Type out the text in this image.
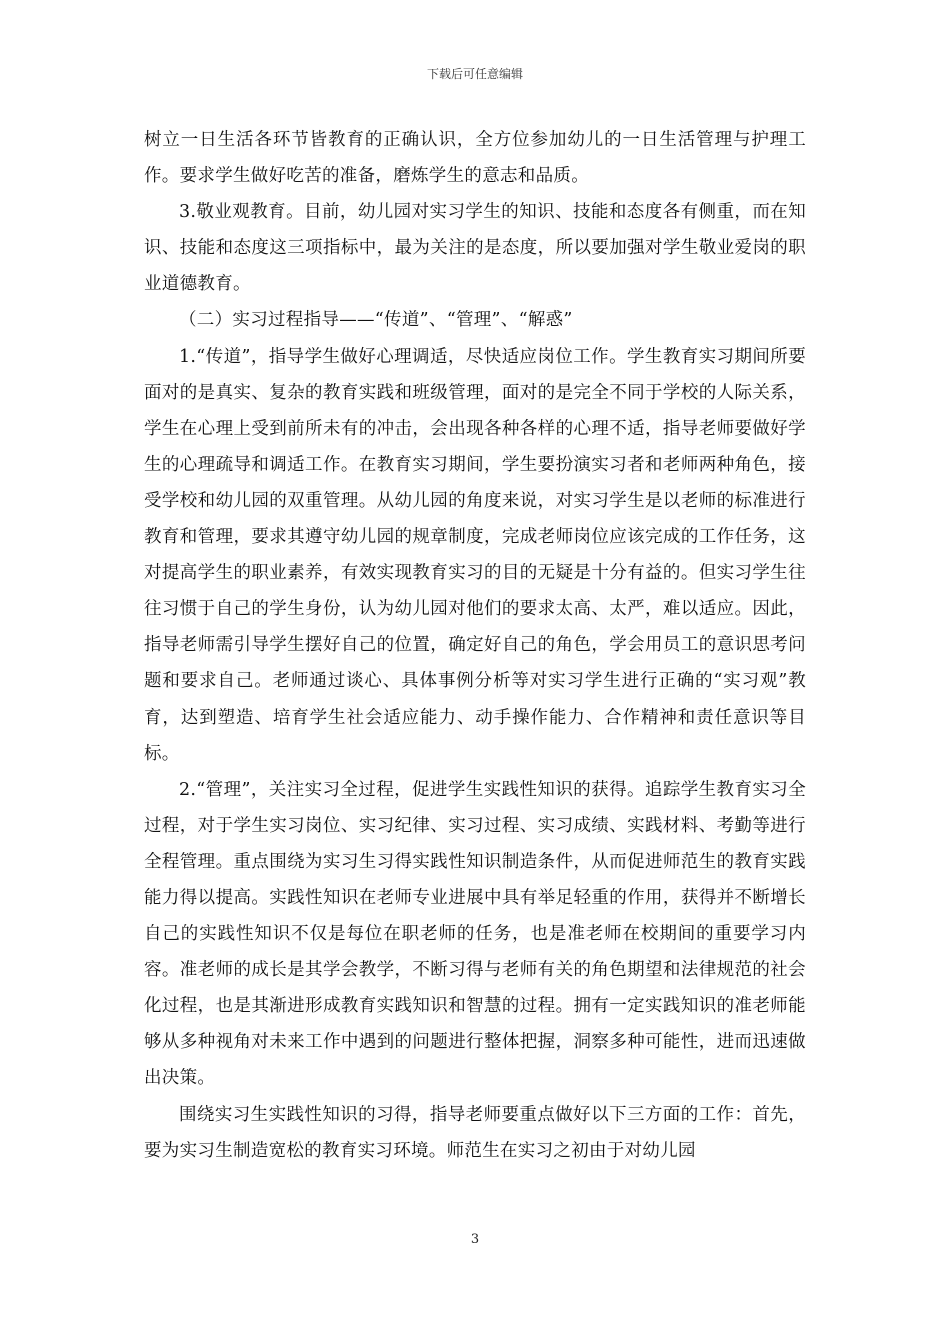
下载后可任意编辑

树立一日生活各环节皆教育的正确认识，全方位参加幼儿的一日生活管理与护理工作。要求学生做好吃苦的准备，磨炼学生的意志和品质。

3.敬业观教育。目前，幼儿园对实习学生的知识、技能和态度各有侧重，而在知识、技能和态度这三项指标中，最为关注的是态度，所以要加强对学生敬业爱岗的职业道德教育。

（二）实习过程指导——“传道”、“管理”、“解惑”

1.“传道”，指导学生做好心理调适，尽快适应岗位工作。学生教育实习期间所要面对的是真实、复杂的教育实践和班级管理，面对的是完全不同于学校的人际关系，学生在心理上受到前所未有的冲击，会出现各种各样的心理不适，指导老师要做好学生的心理疏导和调适工作。在教育实习期间，学生要扮演实习者和老师两种角色，接受学校和幼儿园的双重管理。从幼儿园的角度来说，对实习学生是以老师的标准进行教育和管理，要求其遵守幼儿园的规章制度，完成老师岗位应该完成的工作任务，这对提高学生的职业素养，有效实现教育实习的目的无疑是十分有益的。但实习学生往往习惯于自己的学生身份，认为幼儿园对他们的要求太高、太严，难以适应。因此，指导老师需引导学生摆好自己的位置，确定好自己的角色，学会用员工的意识思考问题和要求自己。老师通过谈心、具体事例分析等对实习学生进行正确的“实习观”教育，达到塑造、培育学生社会适应能力、动手操作能力、合作精神和责任意识等目标。

2.“管理”，关注实习全过程，促进学生实践性知识的获得。追踪学生教育实习全过程，对于学生实习岗位、实习纪律、实习过程、实习成绩、实践材料、考勤等进行全程管理。重点围绕为实习生习得实践性知识制造条件，从而促进师范生的教育实践能力得以提高。实践性知识在老师专业进展中具有举足轻重的作用，获得并不断增长自己的实践性知识不仅是每位在职老师的任务，也是准老师在校期间的重要学习内容。准老师的成长是其学会教学，不断习得与老师有关的角色期望和法律规范的社会化过程，也是其渐进形成教育实践知识和智慧的过程。拥有一定实践知识的准老师能够从多种视角对未来工作中遇到的问题进行整体把握，洞察多种可能性，进而迅速做出决策。

围绕实习生实践性知识的习得，指导老师要重点做好以下三方面的工作：首先，要为实习生制造宽松的教育实习环境。师范生在实习之初由于对幼儿园

3
